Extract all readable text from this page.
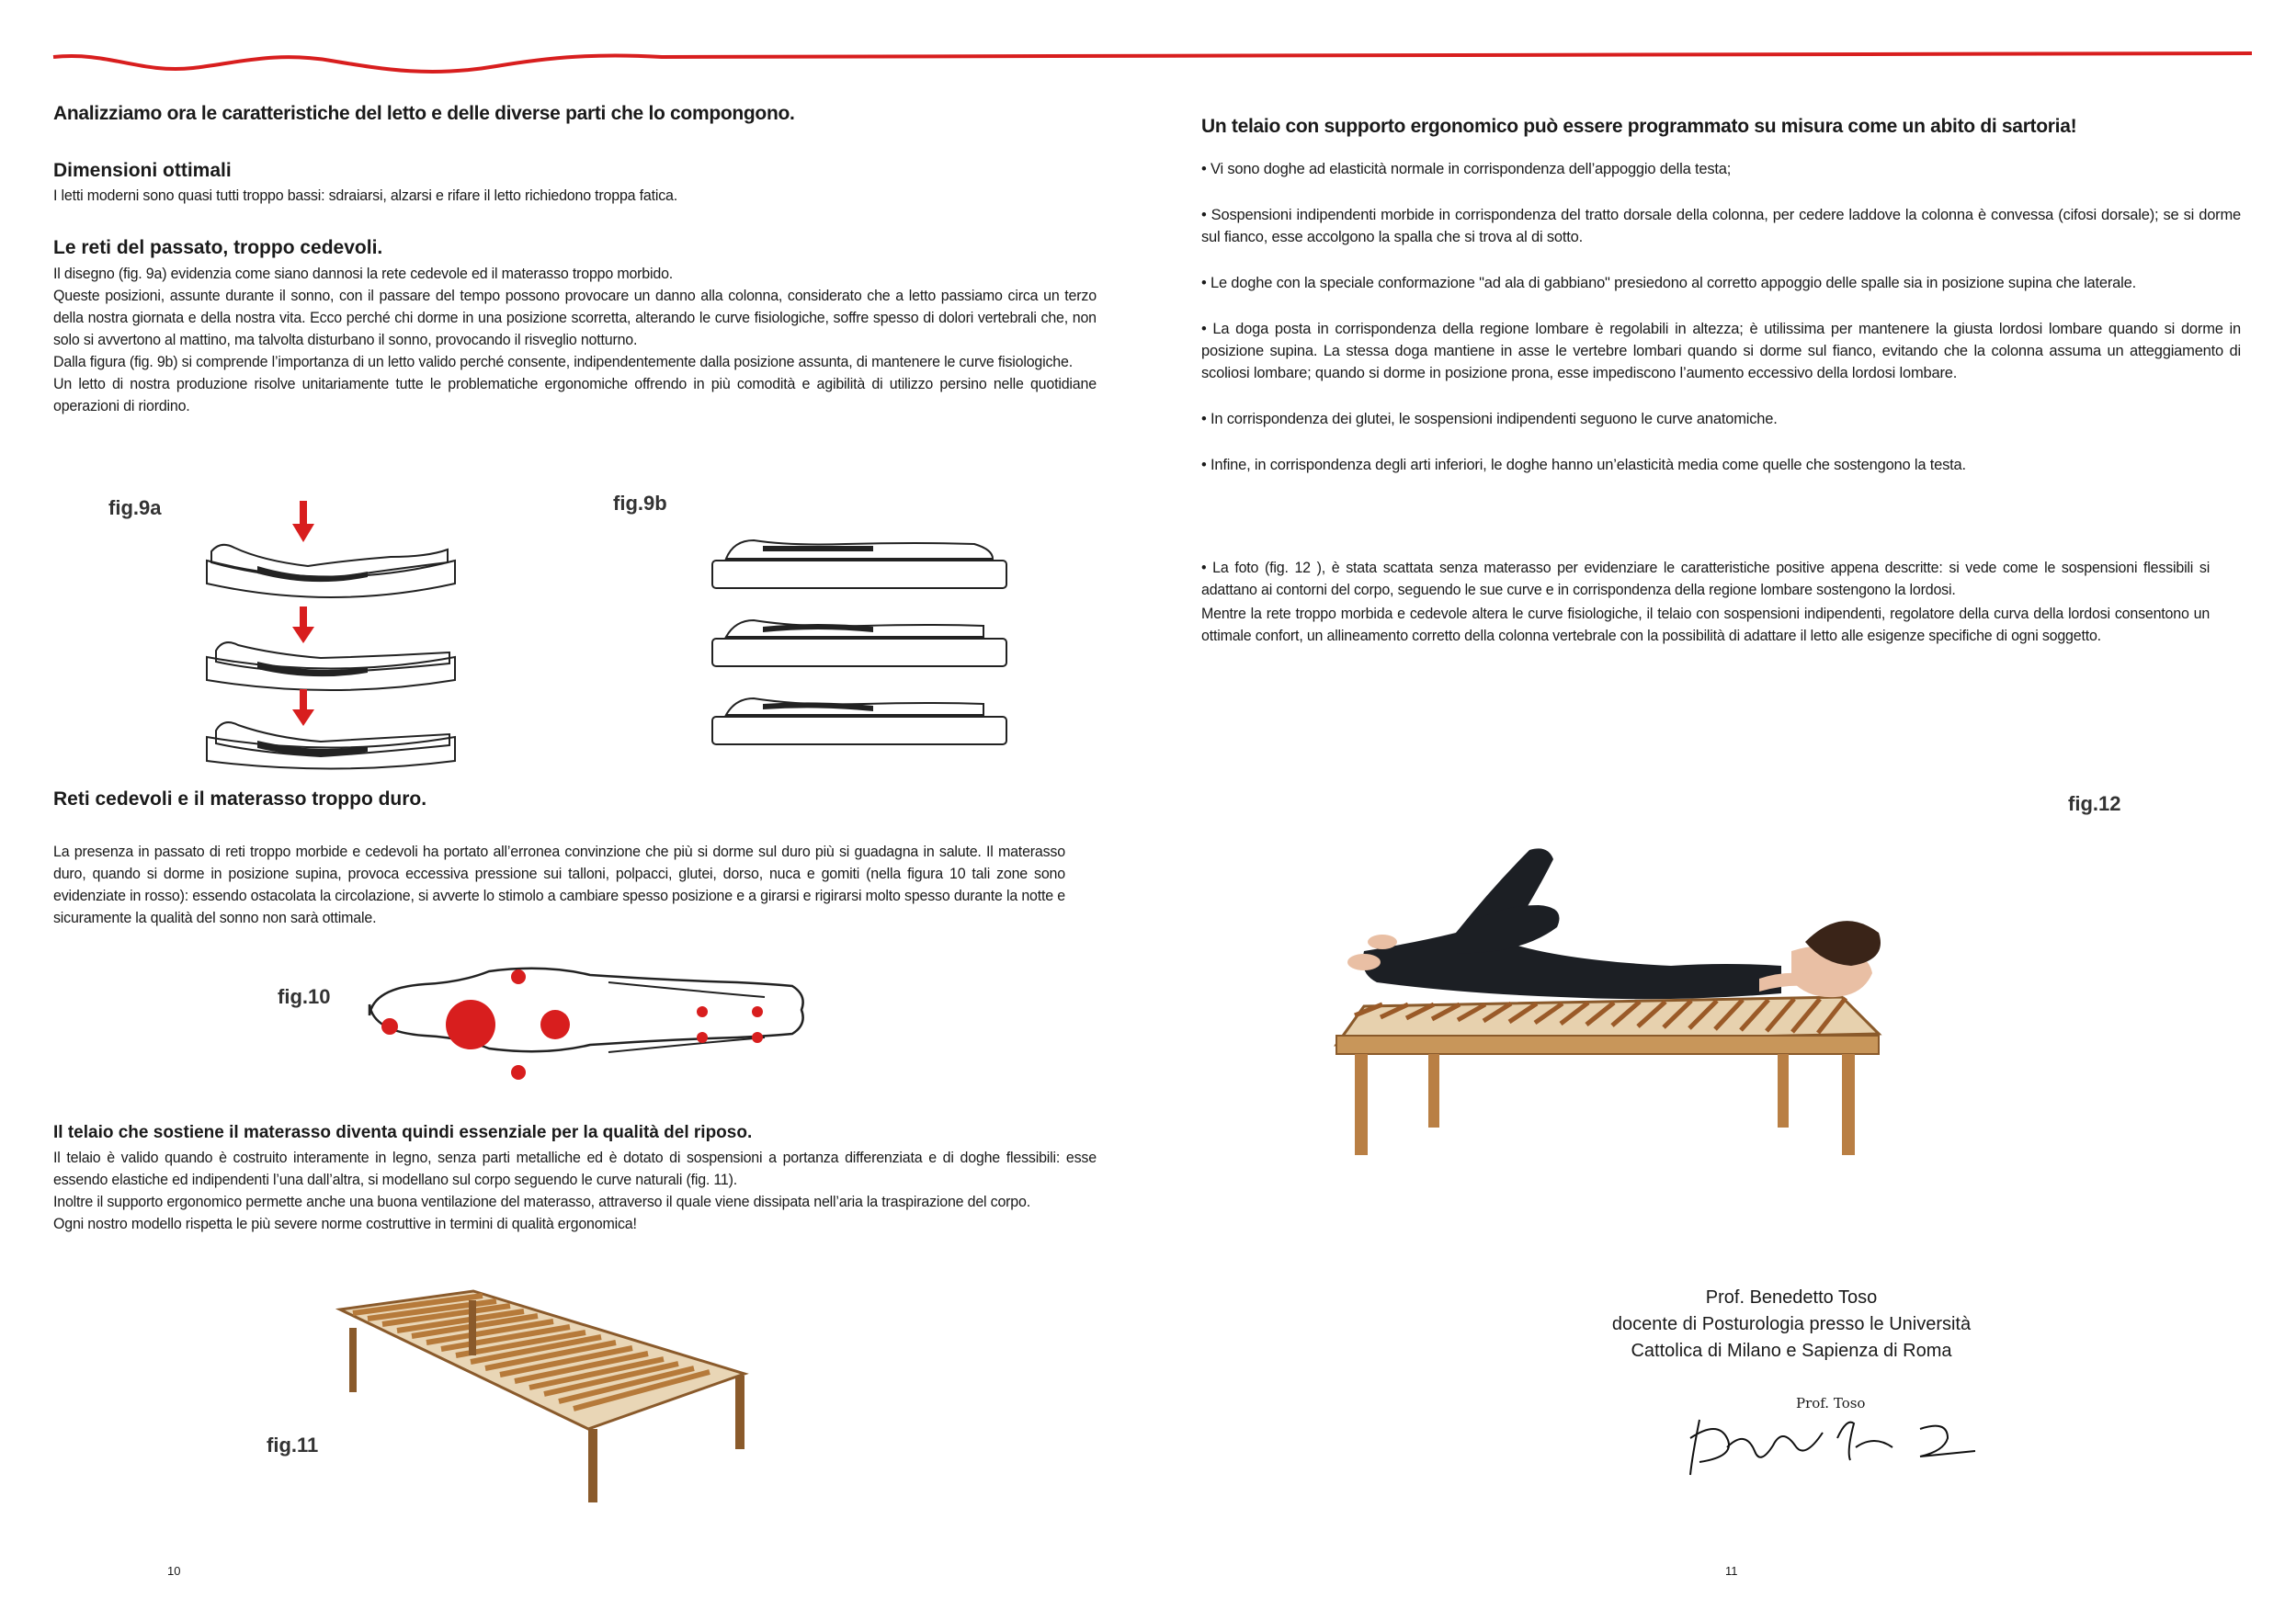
Analizziamo ora le caratteristiche del letto e delle diverse parti che lo compongono.

Dimensioni ottimali

I letti moderni sono quasi tutti troppo bassi: sdraiarsi, alzarsi e rifare il letto richiedono troppa fatica.

Le reti del passato, troppo cedevoli.

Il disegno (fig. 9a) evidenzia come siano dannosi la rete cedevole ed il materasso troppo morbido.

Queste posizioni, assunte durante il sonno, con il passare del tempo possono provocare un danno alla colonna, considerato che a letto passiamo circa un terzo della nostra giornata e della nostra vita. Ecco perché chi dorme in una posizione scorretta, alterando le curve fisiologiche, soffre spesso di dolori vertebrali che, non solo si avvertono al mattino, ma talvolta disturbano il sonno, provocando il risveglio notturno.

Dalla figura (fig. 9b) si comprende l’importanza di un letto valido perché consente, indipendentemente dalla posizione assunta, di mantenere le curve fisiologiche.

Un letto di nostra produzione risolve unitariamente tutte le problematiche ergonomiche offrendo in più comodità e agibilità di utilizzo persino nelle quotidiane operazioni di riordino.

fig.9a	fig.9b

Reti cedevoli e il materasso troppo duro.

La presenza in passato di reti troppo morbide e cedevoli ha portato all’erronea convinzione che più si dorme sul duro più si guadagna in salute. Il materasso duro, quando si dorme in posizione supina, provoca eccessiva pressione sui talloni, polpacci, glutei, dorso, nuca e gomiti (nella figura 10 tali zone sono evidenziate in rosso): essendo ostacolata la circolazione, si avverte lo stimolo a cambiare spesso posizione e a girarsi e rigirarsi molto spesso durante la notte e sicuramente la qualità del sonno non sarà ottimale.

fig.10

Il telaio che sostiene il materasso diventa quindi essenziale per la qualità del riposo.

Il telaio è valido quando è costruito interamente in legno, senza parti metalliche ed è dotato di sospensioni a portanza differenziata e di doghe flessibili: esse essendo elastiche ed indipendenti l’una dall’altra, si modellano sul corpo seguendo le curve naturali (fig. 11).

Inoltre il supporto ergonomico permette anche una buona ventilazione del materasso, attraverso il quale viene dissipata nell’aria la traspirazione del corpo.

Ogni nostro modello rispetta le più severe norme costruttive in termini di qualità ergonomica!

fig.11
10

Un telaio con supporto ergonomico può essere programmato su misura come un abito di sartoria!

• Vi sono doghe ad elasticità normale in corrispondenza dell’appoggio della testa;
• Sospensioni indipendenti morbide in corrispondenza del tratto dorsale della colonna, per cedere laddove la colonna è convessa (cifosi dorsale); se si dorme sul fianco, esse accolgono la spalla che si trova al di sotto.
• Le doghe con la speciale conformazione "ad ala di gabbiano" presiedono al corretto appoggio delle spalle sia in posizione supina che laterale.
• La doga posta in corrispondenza della regione lombare è regolabili in altezza; è utilissima per mantenere la giusta lordosi lombare quando si dorme in posizione supina. La stessa doga mantiene in asse le vertebre lombari quando si dorme sul fianco, evitando che la colonna assuma un atteggiamento di scoliosi lombare; quando si dorme in posizione prona, esse impediscono l’aumento eccessivo della lordosi lombare.
• In corrispondenza dei glutei, le sospensioni indipendenti seguono le curve anatomiche.
• Infine, in corrispondenza degli arti inferiori, le doghe hanno un’elasticità media come quelle che sostengono la testa.

• La foto (fig. 12 ), è stata scattata senza materasso per evidenziare le caratteristiche positive appena descritte: si vede come le sospensioni flessibili si adattano ai contorni del corpo, seguendo le sue curve e in corrispondenza della regione lombare sostengono la lordosi.

Mentre la rete troppo morbida e cedevole altera le curve fisiologiche, il telaio con sospensioni indipendenti, regolatore della curva della lordosi consentono un ottimale confort, un allineamento corretto della colonna vertebrale con la possibilità di adattare il letto alle esigenze specifiche di ogni soggetto.

fig.12
Prof. Benedetto Toso
docente di Posturologia presso le Università
Cattolica di Milano e Sapienza di Roma
Prof. Toso
11
